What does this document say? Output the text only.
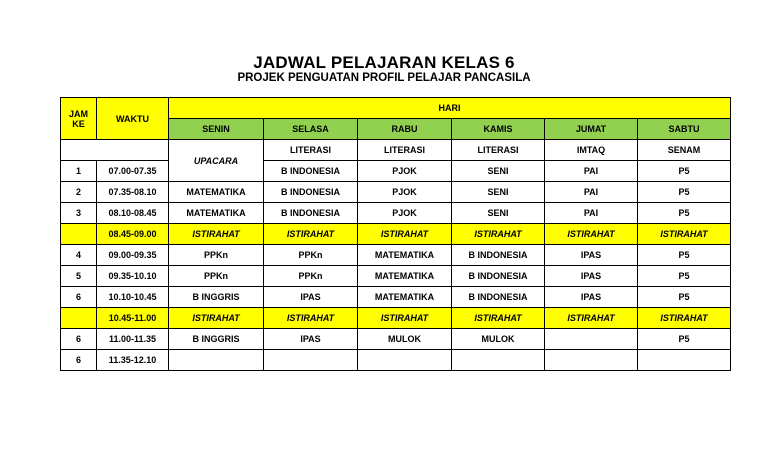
JADWAL PELAJARAN KELAS 6
PROJEK PENGUATAN PROFIL PELAJAR PANCASILA
JAM KE	WAKTU	HARI					
		SENIN	SELASA	RABU	KAMIS	JUMAT	SABTU
		UPACARA	LITERASI	LITERASI	LITERASI	IMTAQ	SENAM
1	07.00-07.35		B INDONESIA	PJOK	SENI	PAI	P5
2	07.35-08.10	MATEMATIKA	B INDONESIA	PJOK	SENI	PAI	P5
3	08.10-08.45	MATEMATIKA	B INDONESIA	PJOK	SENI	PAI	P5
	08.45-09.00	ISTIRAHAT	ISTIRAHAT	ISTIRAHAT	ISTIRAHAT	ISTIRAHAT	ISTIRAHAT
4	09.00-09.35	PPKn	PPKn	MATEMATIKA	B INDONESIA	IPAS	P5
5	09.35-10.10	PPKn	PPKn	MATEMATIKA	B INDONESIA	IPAS	P5
6	10.10-10.45	B INGGRIS	IPAS	MATEMATIKA	B INDONESIA	IPAS	P5
	10.45-11.00	ISTIRAHAT	ISTIRAHAT	ISTIRAHAT	ISTIRAHAT	ISTIRAHAT	ISTIRAHAT
6	11.00-11.35	B INGGRIS	IPAS	MULOK	MULOK		P5
6	11.35-12.10						
